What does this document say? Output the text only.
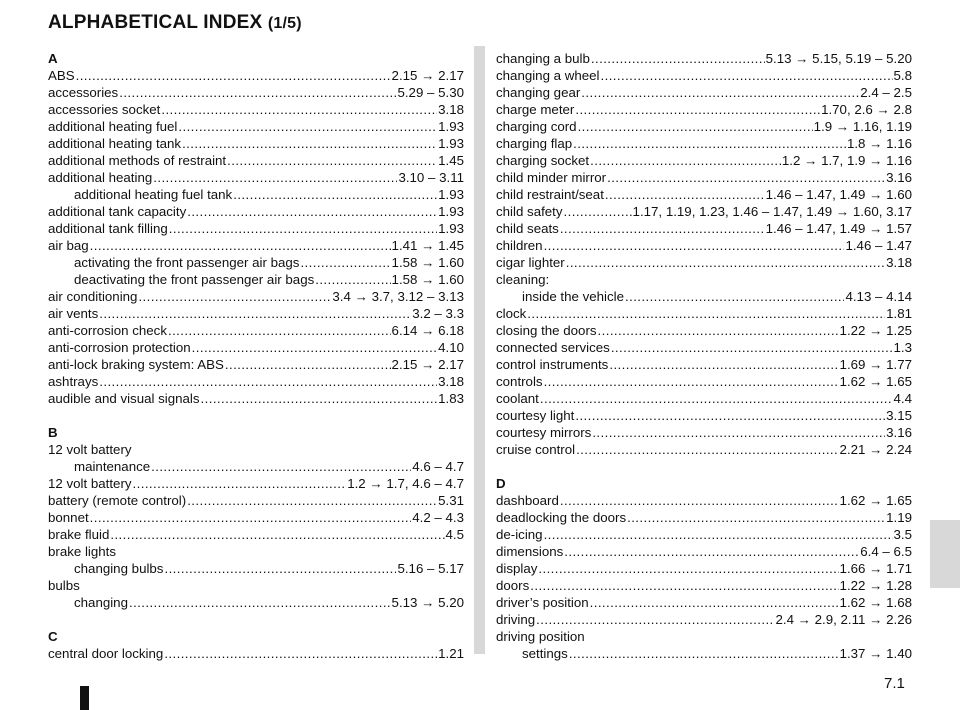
ALPHABETICAL INDEX (1/5)
A
ABS .....	2.15 → 2.17
accessories .....	5.29 – 5.30
accessories socket .....	3.18
additional heating fuel .....	1.93
additional heating tank .....	1.93
additional methods of restraint .....	1.45
additional heating .....	3.10 – 3.11
additional heating fuel tank .....	1.93
additional tank capacity .....	1.93
additional tank filling .....	1.93
air bag .....	1.41 → 1.45
activating the front passenger air bags .....	1.58 → 1.60
deactivating the front passenger air bags .....	1.58 → 1.60
air conditioning .....	3.4 → 3.7, 3.12 – 3.13
air vents .....	3.2 – 3.3
anti-corrosion check .....	6.14 → 6.18
anti-corrosion protection .....	4.10
anti-lock braking system: ABS .....	2.15 → 2.17
ashtrays .....	3.18
audible and visual signals .....	1.83
B
12 volt battery
maintenance .....	4.6 – 4.7
12 volt battery .....	1.2 → 1.7, 4.6 – 4.7
battery (remote control) .....	5.31
bonnet .....	4.2 – 4.3
brake fluid .....	4.5
brake lights
changing bulbs .....	5.16 – 5.17
bulbs
changing .....	5.13 → 5.20
C
central door locking .....	1.21
changing a bulb .....	5.13 → 5.15, 5.19 – 5.20
changing a wheel .....	5.8
changing gear .....	2.4 – 2.5
charge meter .....	1.70, 2.6 → 2.8
charging cord .....	1.9 → 1.16, 1.19
charging flap .....	1.8 → 1.16
charging socket .....	1.2 → 1.7, 1.9 → 1.16
child minder mirror .....	3.16
child restraint/seat .....	1.46 – 1.47, 1.49 → 1.60
child safety .....	1.17, 1.19, 1.23, 1.46 – 1.47, 1.49 → 1.60, 3.17
child seats .....	1.46 – 1.47, 1.49 → 1.57
children .....	1.46 – 1.47
cigar lighter .....	3.18
cleaning:
inside the vehicle .....	4.13 – 4.14
clock .....	1.81
closing the doors .....	1.22 → 1.25
connected services .....	1.3
control instruments .....	1.69 → 1.77
controls .....	1.62 → 1.65
coolant .....	4.4
courtesy light .....	3.15
courtesy mirrors .....	3.16
cruise control .....	2.21 → 2.24
D
dashboard .....	1.62 → 1.65
deadlocking the doors .....	1.19
de-icing .....	3.5
dimensions .....	6.4 – 6.5
display .....	1.66 → 1.71
doors .....	1.22 → 1.28
driver’s position .....	1.62 → 1.68
driving .....	2.4 → 2.9, 2.11 → 2.26
driving position
settings .....	1.37 → 1.40
7.1
